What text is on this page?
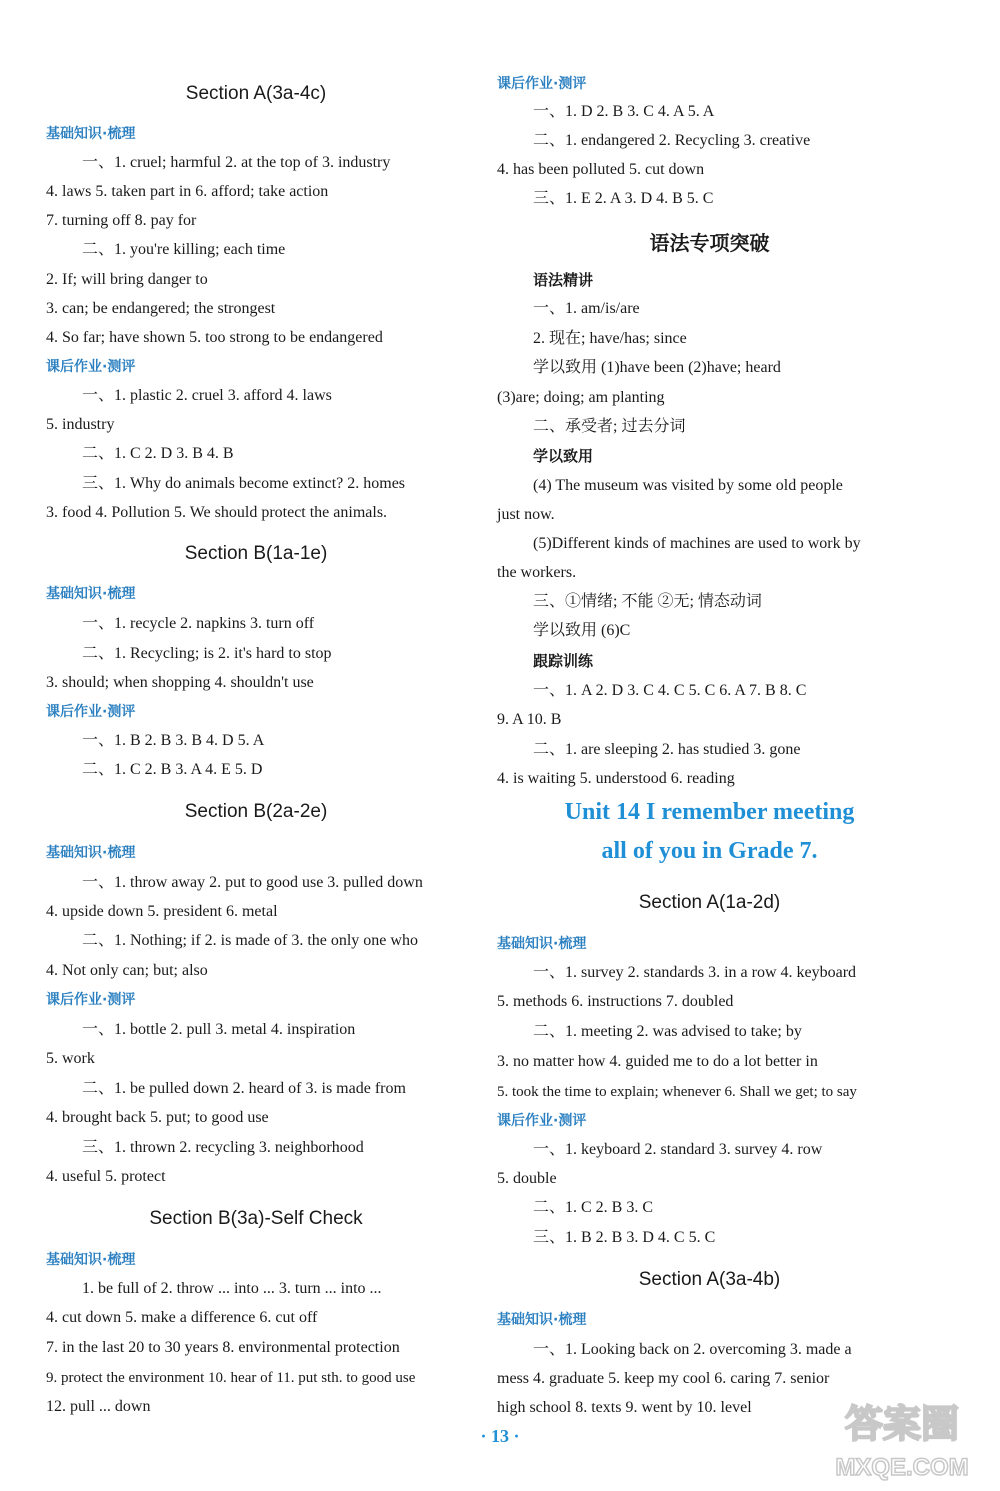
Section A(3a-4c)
基础知识·梳理
一、1. cruel; harmful 2. at the top of 3. industry
4. laws 5. taken part in 6. afford; take action
7. turning off 8. pay for
二、1. you're killing; each time
2. If; will bring danger to
3. can; be endangered; the strongest
4. So far; have shown 5. too strong to be endangered
课后作业·测评
一、1. plastic 2. cruel 3. afford 4. laws
5. industry
二、1. C 2. D 3. B 4. B
三、1. Why do animals become extinct? 2. homes
3. food 4. Pollution 5. We should protect the animals.
Section B(1a-1e)
基础知识·梳理
一、1. recycle 2. napkins 3. turn off
二、1. Recycling; is 2. it's hard to stop
3. should; when shopping 4. shouldn't use
课后作业·测评
一、1. B 2. B 3. B 4. D 5. A
二、1. C 2. B 3. A 4. E 5. D
Section B(2a-2e)
基础知识·梳理
一、1. throw away 2. put to good use 3. pulled down
4. upside down 5. president 6. metal
二、1. Nothing; if 2. is made of 3. the only one who
4. Not only can; but; also
课后作业·测评
一、1. bottle 2. pull 3. metal 4. inspiration
5. work
二、1. be pulled down 2. heard of 3. is made from
4. brought back 5. put; to good use
三、1. thrown 2. recycling 3. neighborhood
4. useful 5. protect
Section B(3a)-Self Check
基础知识·梳理
1. be full of 2. throw ... into ... 3. turn ... into ...
4. cut down 5. make a difference 6. cut off
7. in the last 20 to 30 years 8. environmental protection
9. protect the environment 10. hear of 11. put sth. to good use
12. pull ... down
课后作业·测评
一、1. D 2. B 3. C 4. A 5. A
二、1. endangered 2. Recycling 3. creative
4. has been polluted 5. cut down
三、1. E 2. A 3. D 4. B 5. C
语法专项突破
语法精讲
一、1. am/is/are
2. 现在; have/has; since
学以致用 (1)have been (2)have; heard
(3)are; doing; am planting
二、承受者; 过去分词
学以致用
(4) The museum was visited by some old people
just now.
(5)Different kinds of machines are used to work by
the workers.
三、①情绪; 不能 ②无; 情态动词
学以致用 (6)C
跟踪训练
一、1. A 2. D 3. C 4. C 5. C 6. A 7. B 8. C
9. A 10. B
二、1. are sleeping 2. has studied 3. gone
4. is waiting 5. understood 6. reading
Unit 14 I remember meeting
all of you in Grade 7.
Section A(1a-2d)
基础知识·梳理
一、1. survey 2. standards 3. in a row 4. keyboard
5. methods 6. instructions 7. doubled
二、1. meeting 2. was advised to take; by
3. no matter how 4. guided me to do a lot better in
5. took the time to explain; whenever 6. Shall we get; to say
课后作业·测评
一、1. keyboard 2. standard 3. survey 4. row
5. double
二、1. C 2. B 3. C
三、1. B 2. B 3. D 4. C 5. C
Section A(3a-4b)
基础知识·梳理
一、1. Looking back on 2. overcoming 3. made a
mess 4. graduate 5. keep my cool 6. caring 7. senior
high school 8. texts 9. went by 10. level
· 13 ·	答案圈
MXQE.COM
